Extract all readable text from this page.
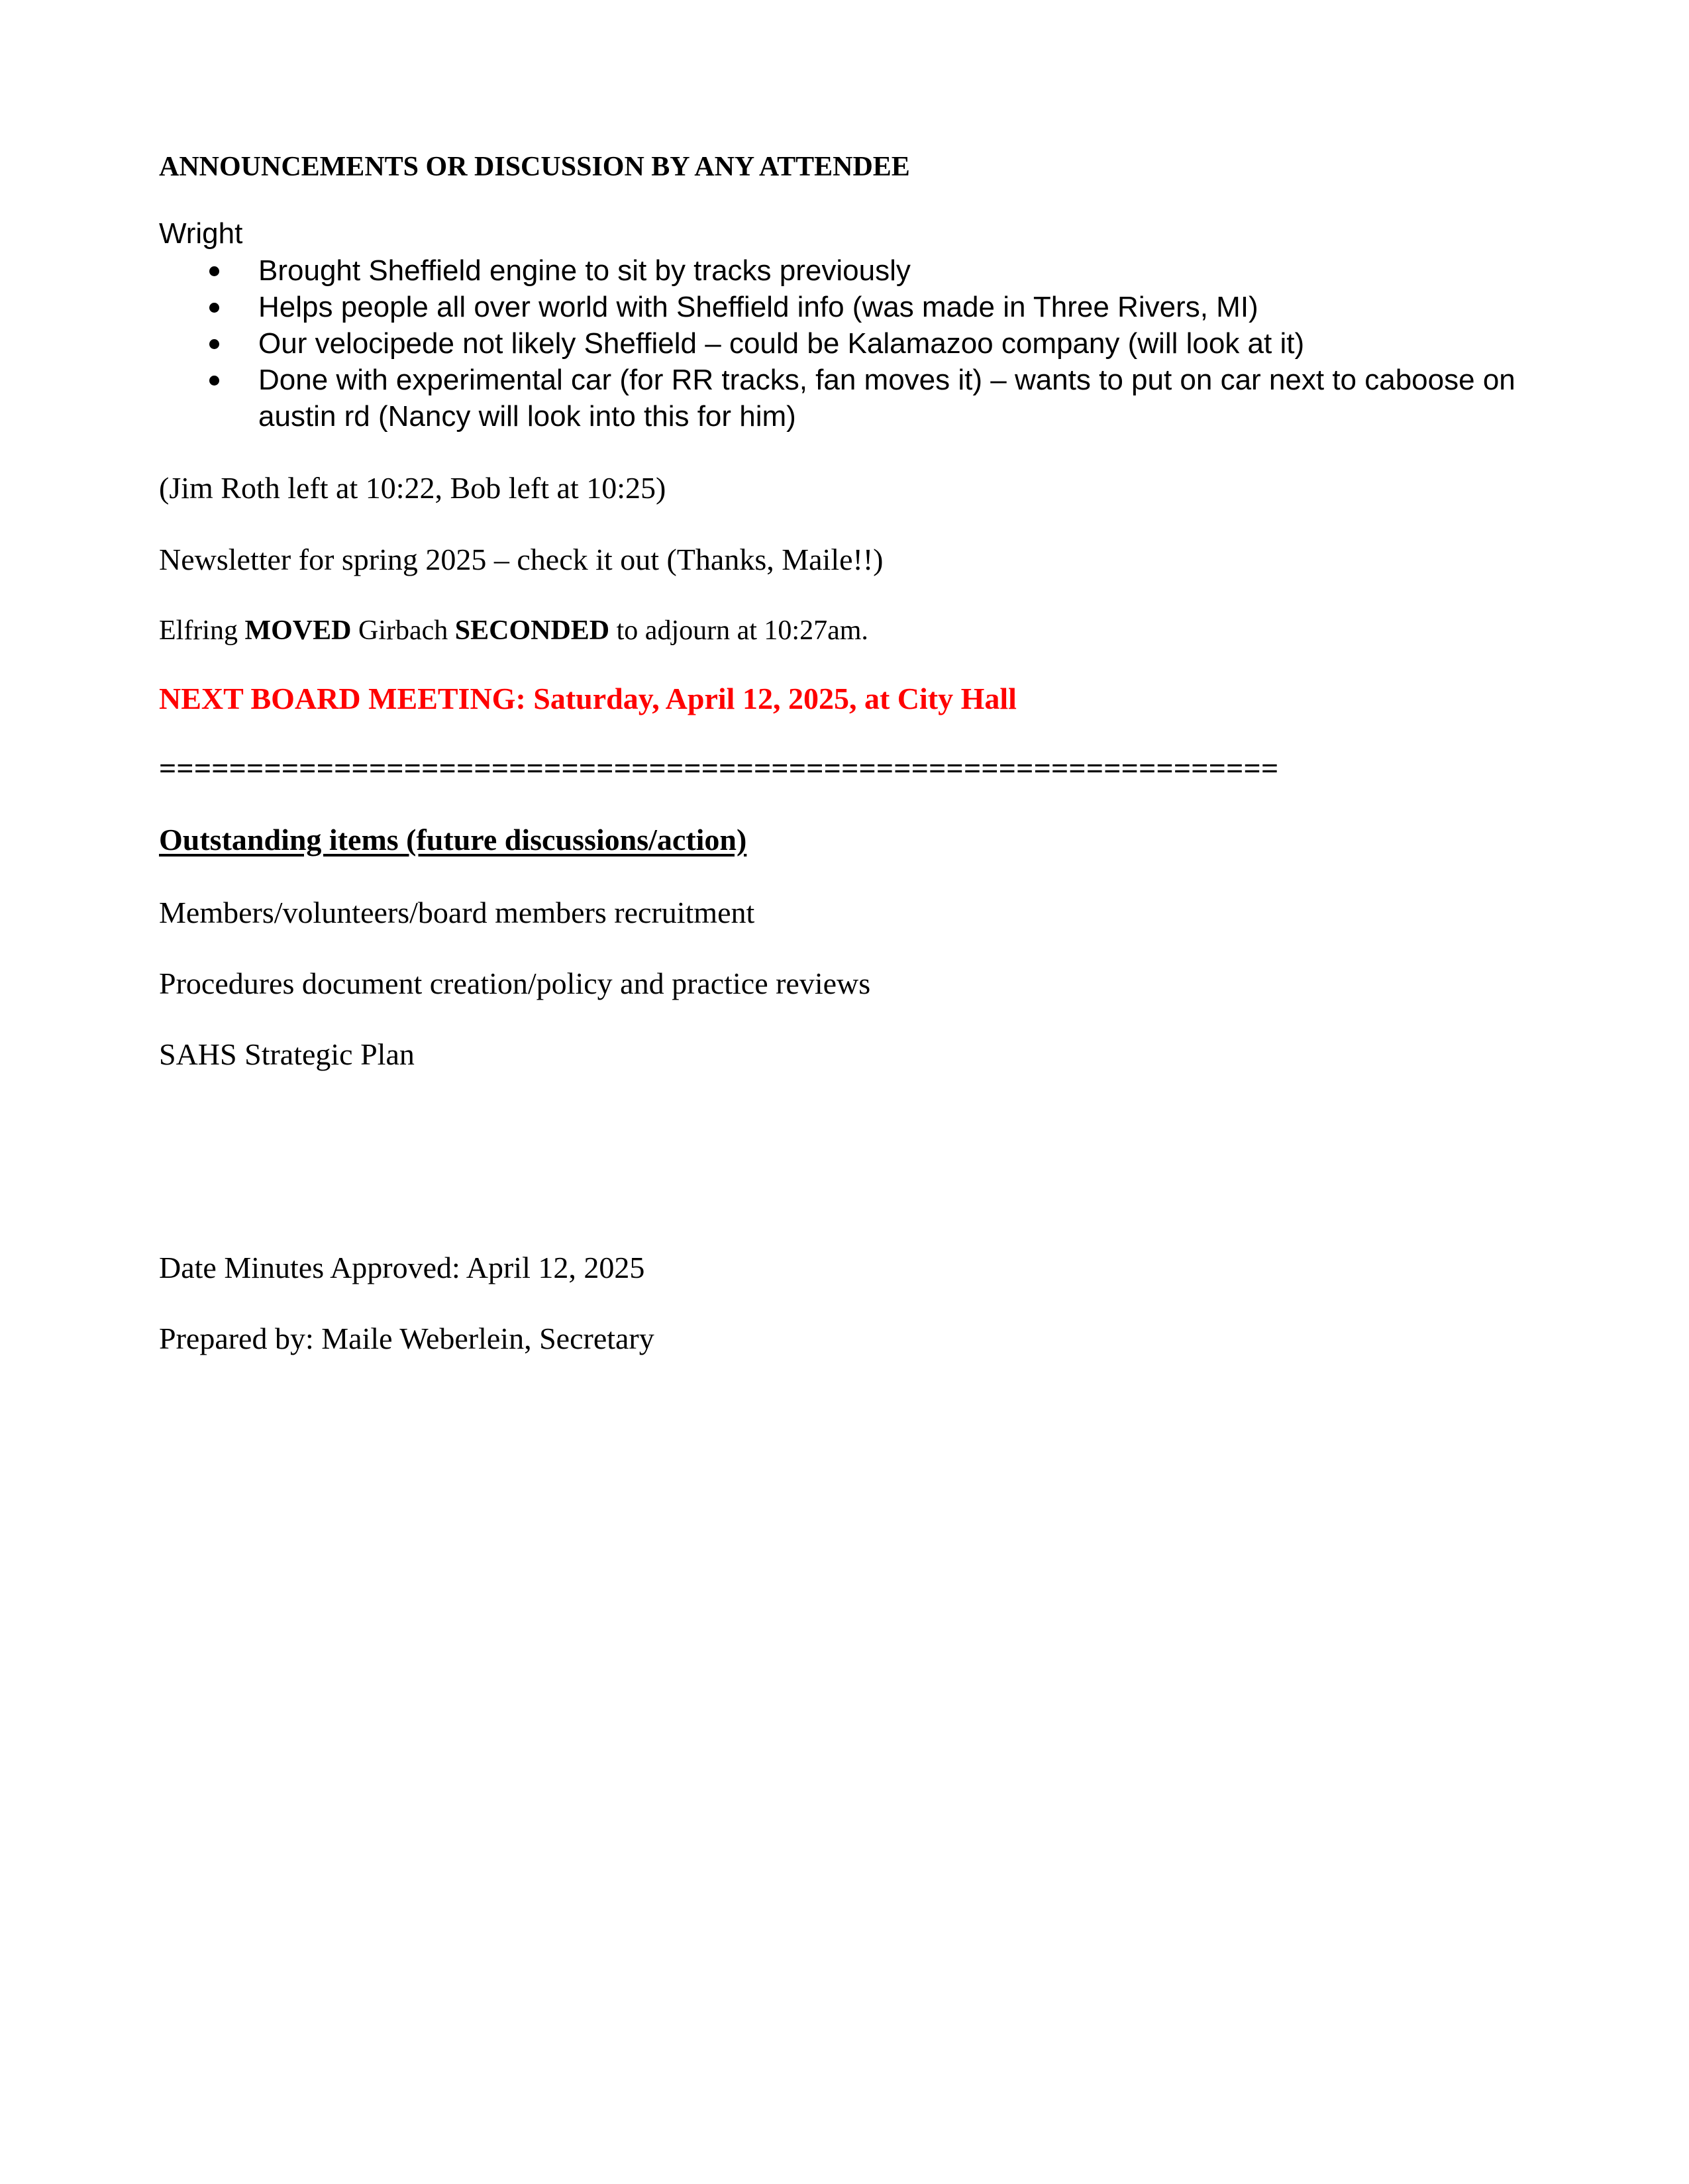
ANNOUNCEMENTS OR DISCUSSION BY ANY ATTENDEE

Wright

Brought Sheffield engine to sit by tracks previously
Helps people all over world with Sheffield info (was made in Three Rivers, MI)
Our velocipede not likely Sheffield – could be Kalamazoo company (will look at it)
Done with experimental car (for RR tracks, fan moves it) – wants to put on car next to caboose on austin rd (Nancy will look into this for him)

(Jim Roth left at 10:22, Bob left at 10:25)

Newsletter for spring 2025 – check it out (Thanks, Maile!!)

Elfring MOVED Girbach SECONDED to adjourn at 10:27am.

NEXT BOARD MEETING: Saturday, April 12, 2025, at City Hall

================================================================

Outstanding items (future discussions/action)

Members/volunteers/board members recruitment

Procedures document creation/policy and practice reviews

SAHS Strategic Plan

Date Minutes Approved: April 12, 2025

Prepared by: Maile Weberlein, Secretary
